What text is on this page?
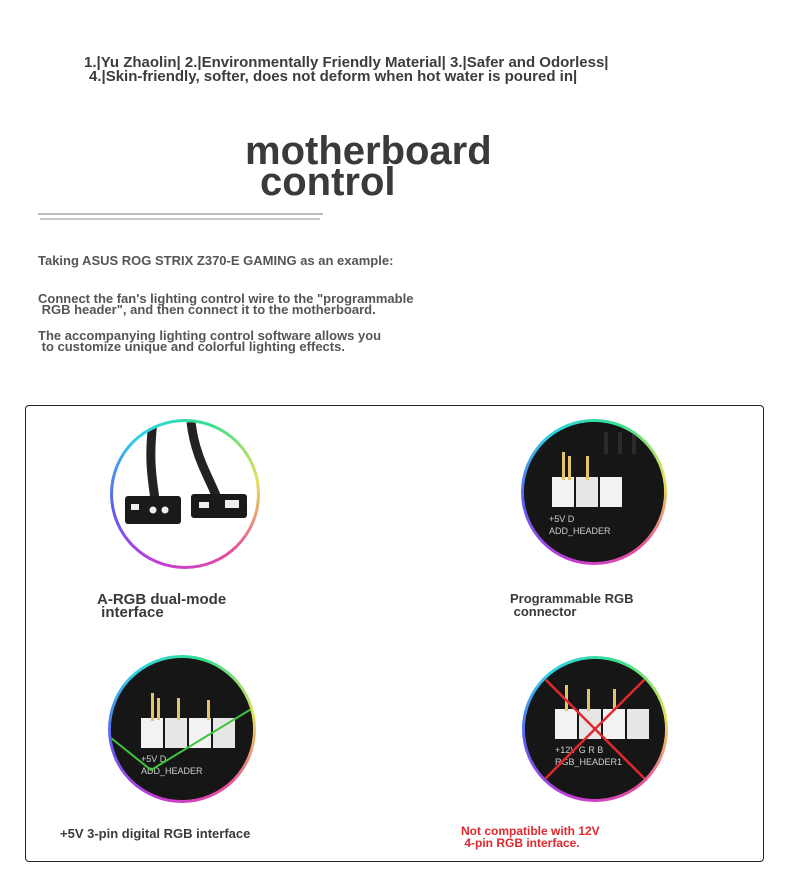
1.|Yu Zhaolin| 2.|Environmentally Friendly Material| 3.|Safer and Odorless|
4.|Skin-friendly, softer, does not deform when hot water is poured in|
motherboard
control
Taking ASUS ROG STRIX Z370-E GAMING as an example:
Connect the fan's lighting control wire to the "programmable
RGB header", and then connect it to the motherboard.
The accompanying lighting control software allows you
to customize unique and colorful lighting effects.
A-RGB dual-mode
interface
+5V D
ADD_HEADER
Programmable RGB
connector
+5V D
ADD_HEADER
+5V 3-pin digital RGB interface
+12V G R B
RGB_HEADER1
Not compatible with 12V
4-pin RGB interface.
